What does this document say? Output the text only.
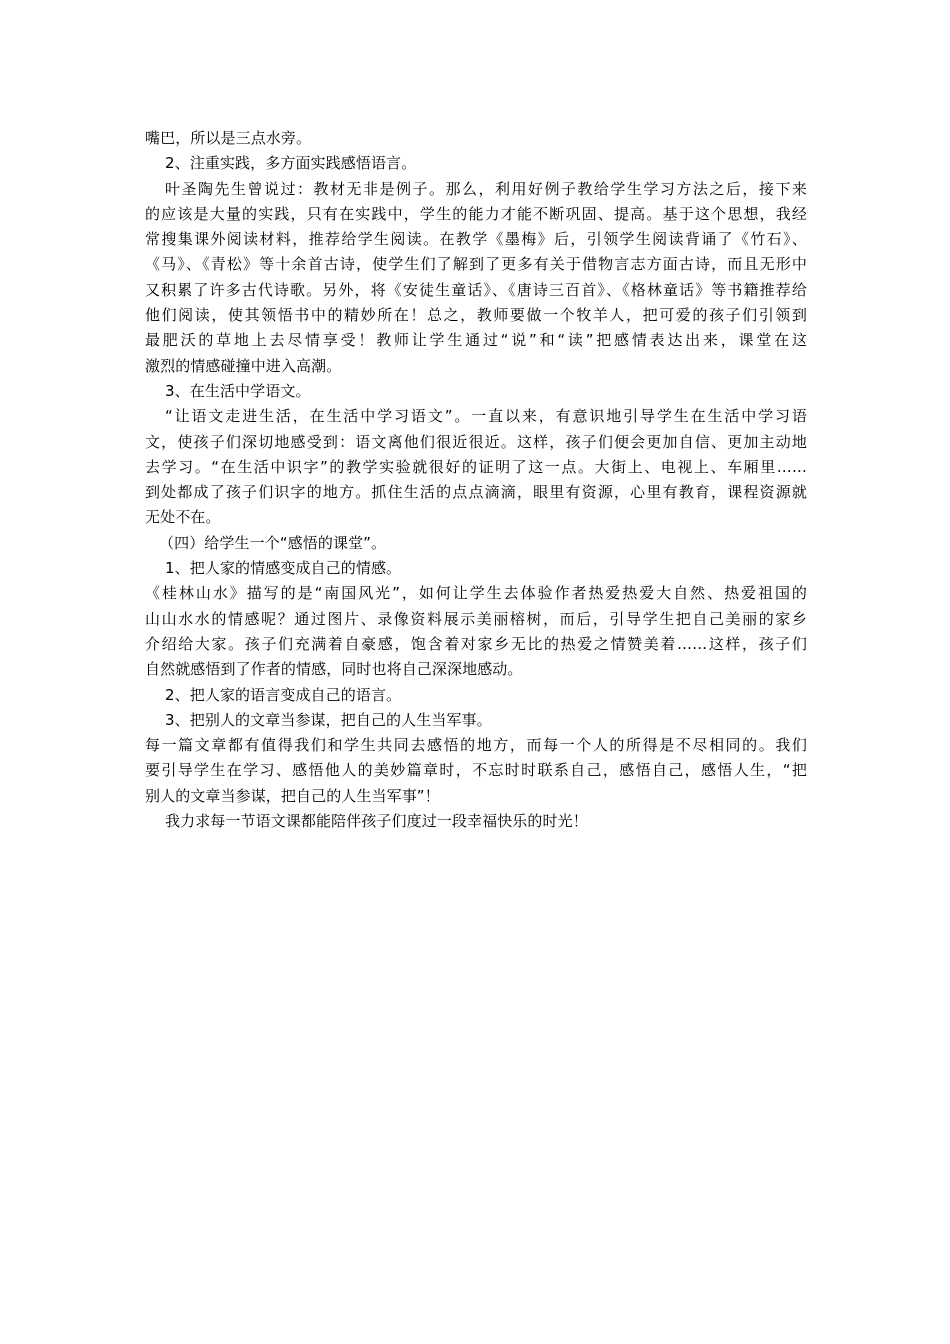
嘴巴，所以是三点水旁。
2、注重实践，多方面实践感悟语言。
叶圣陶先生曾说过：教材无非是例子。那么，利用好例子教给学生学习方法之后，接下来
的应该是大量的实践，只有在实践中，学生的能力才能不断巩固、提高。基于这个思想，我经
常搜集课外阅读材料，推荐给学生阅读。在教学《墨梅》后，引领学生阅读背诵了《竹石》、
《马》、《青松》等十余首古诗，使学生们了解到了更多有关于借物言志方面古诗，而且无形中
又积累了许多古代诗歌。另外，将《安徒生童话》、《唐诗三百首》、《格林童话》等书籍推荐给
他们阅读，使其领悟书中的精妙所在！总之，教师要做一个牧羊人，把可爱的孩子们引领到
最肥沃的草地上去尽情享受！教师让学生通过“说”和“读”把感情表达出来，课堂在这
激烈的情感碰撞中进入高潮。
3、在生活中学语文。
“让语文走进生活，在生活中学习语文”。一直以来，有意识地引导学生在生活中学习语
文，使孩子们深切地感受到：语文离他们很近很近。这样，孩子们便会更加自信、更加主动地
去学习。“在生活中识字”的教学实验就很好的证明了这一点。大街上、电视上、车厢里……
到处都成了孩子们识字的地方。抓住生活的点点滴滴，眼里有资源，心里有教育，课程资源就
无处不在。
（四）给学生一个“感悟的课堂”。
1、把人家的情感变成自己的情感。
《桂林山水》描写的是“南国风光”，如何让学生去体验作者热爱热爱大自然、热爱祖国的
山山水水的情感呢？通过图片、录像资料展示美丽榕树，而后，引导学生把自己美丽的家乡
介绍给大家。孩子们充满着自豪感，饱含着对家乡无比的热爱之情赞美着……这样，孩子们
自然就感悟到了作者的情感，同时也将自己深深地感动。
2、把人家的语言变成自己的语言。
3、把别人的文章当参谋，把自己的人生当军事。
每一篇文章都有值得我们和学生共同去感悟的地方，而每一个人的所得是不尽相同的。我们
要引导学生在学习、感悟他人的美妙篇章时，不忘时时联系自己，感悟自己，感悟人生，“把
别人的文章当参谋，把自己的人生当军事”！
我力求每一节语文课都能陪伴孩子们度过一段幸福快乐的时光！
